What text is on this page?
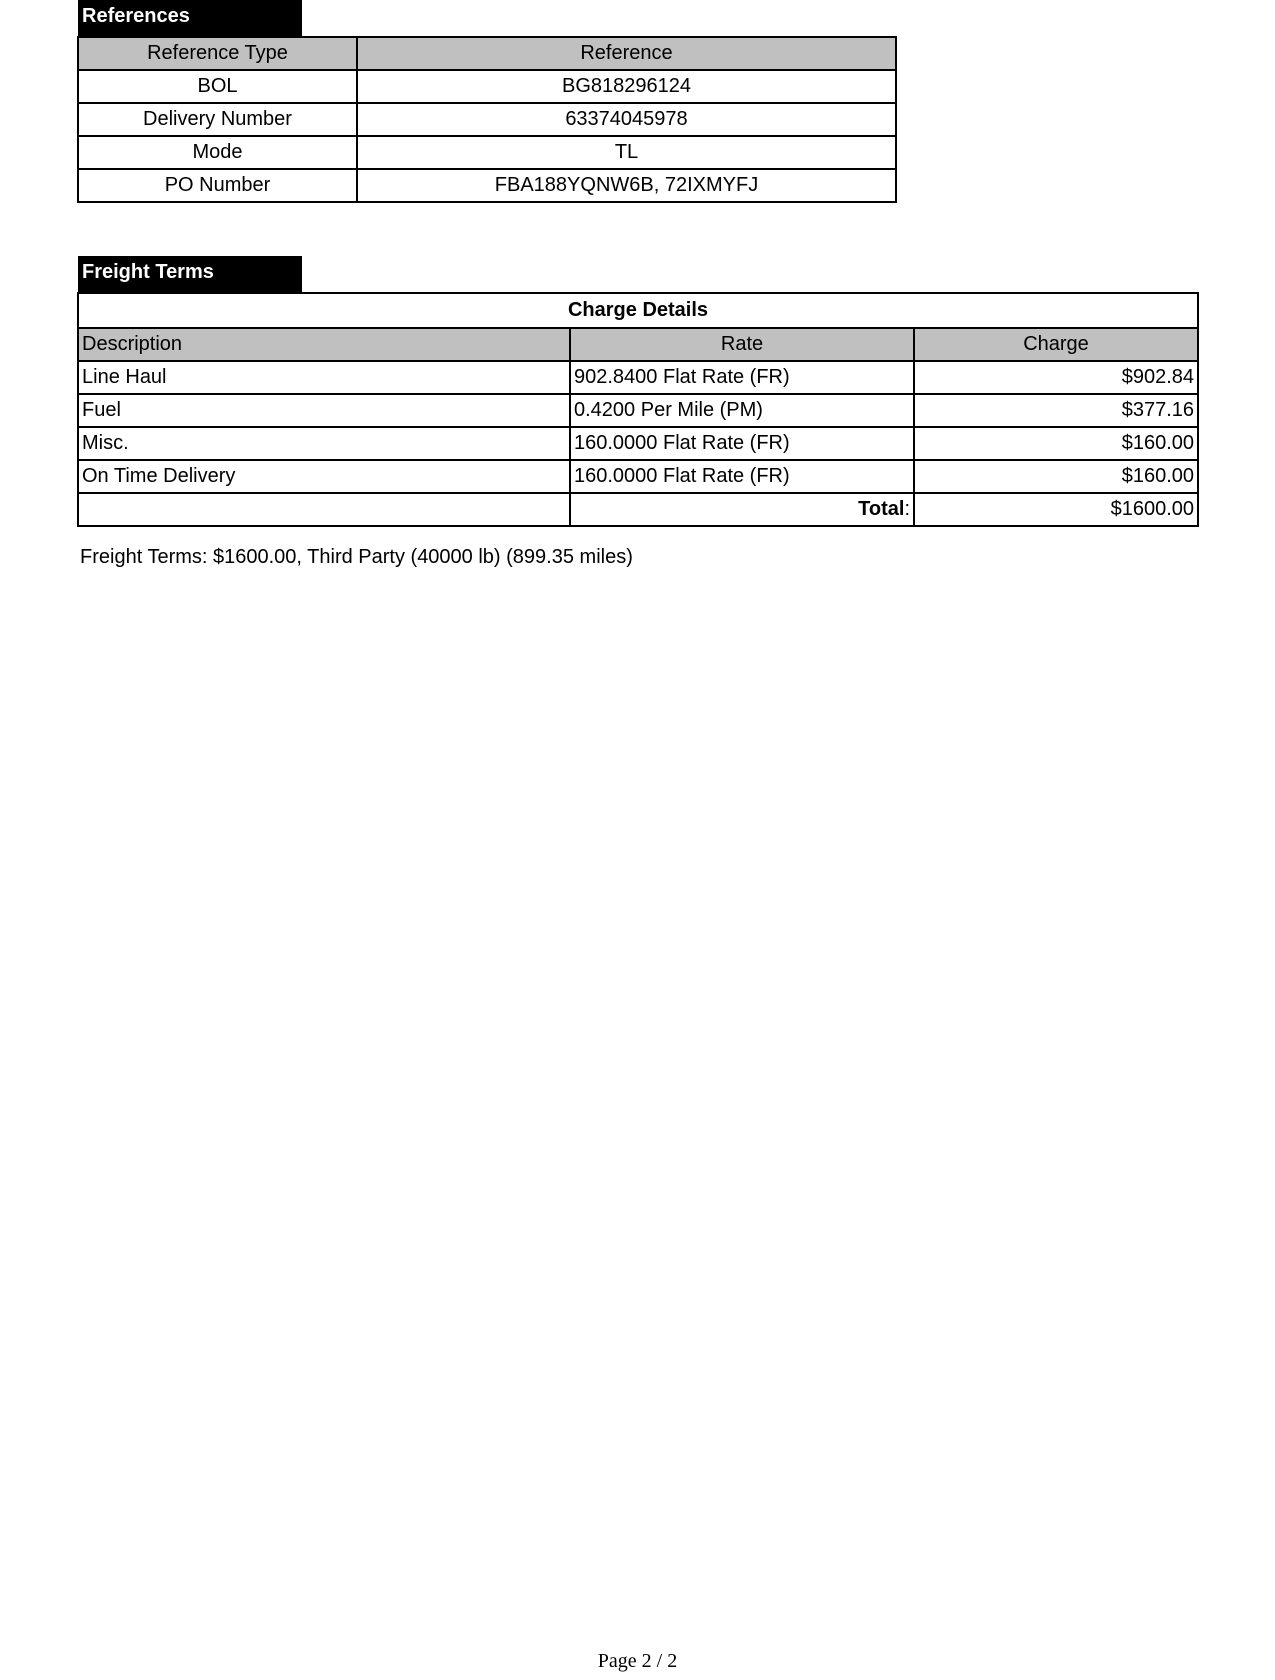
References
Reference Type	Reference
BOL	BG818296124
Delivery Number	63374045978
Mode	TL
PO Number	FBA188YQNW6B, 72IXMYFJ
Freight Terms
Charge Details		
Description	Rate	Charge
Line Haul	902.8400 Flat Rate (FR)	$902.84
Fuel	0.4200 Per Mile (PM)	$377.16
Misc.	160.0000 Flat Rate (FR)	$160.00
On Time Delivery	160.0000 Flat Rate (FR)	$160.00
	Total:	$1600.00
Freight Terms: $1600.00, Third Party (40000 lb) (899.35 miles)
Page 2 / 2
